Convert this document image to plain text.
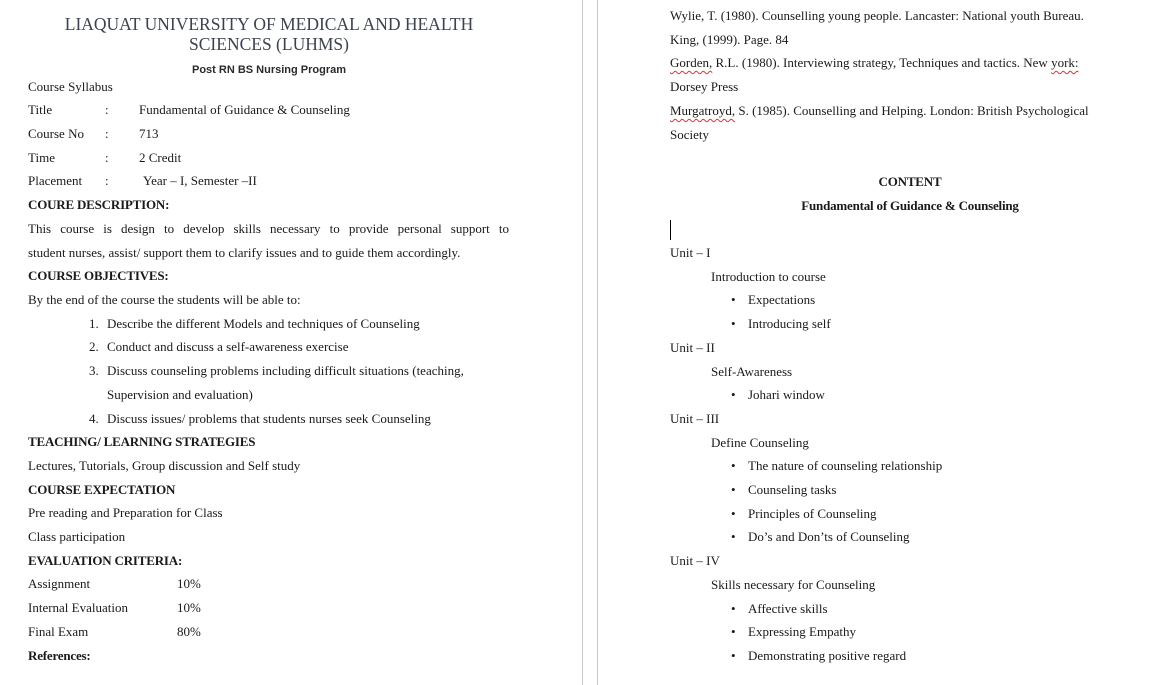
LIAQUAT UNIVERSITY OF MEDICAL AND HEALTH SCIENCES (LUHMS)
Post RN BS Nursing Program
Course Syllabus
Title	: Fundamental of Guidance & Counseling
Course No : 713
Time	: 2 Credit
Placement :	Year – I, Semester –II
COURE DESCRIPTION:
This course is design to develop skills necessary to provide personal support to
student nurses, assist/ support them to clarify issues and to guide them accordingly.
COURSE OBJECTIVES:
By the end of the course the students will be able to:
1. Describe the different Models and techniques of Counseling
2. Conduct and discuss a self-awareness exercise
3. Discuss counseling problems including difficult situations (teaching,
Supervision and evaluation)
4. Discuss issues/ problems that students nurses seek Counseling
TEACHING/ LEARNING STRATEGIES
Lectures, Tutorials, Group discussion and Self study
COURSE EXPECTATION
Pre reading and Preparation for Class
Class participation
EVALUATION CRITERIA:
Assignment	10%
Internal Evaluation	10%
Final Exam	80%
References:
Wylie, T. (1980). Counselling young people. Lancaster: National youth Bureau.
King, (1999). Page. 84
Gorden, R.L. (1980). Interviewing strategy, Techniques and tactics. New york:
Dorsey Press
Murgatroyd, S. (1985). Counselling and Helping. London: British Psychological
Society
CONTENT
Fundamental of Guidance & Counseling
Unit – I
Introduction to course
• Expectations
• Introducing self
Unit – II
Self-Awareness
• Johari window
Unit – III
Define Counseling
• The nature of counseling relationship
• Counseling tasks
• Principles of Counseling
• Do’s and Don’ts of Counseling
Unit – IV
Skills necessary for Counseling
• Affective skills
• Expressing Empathy
• Demonstrating positive regard
